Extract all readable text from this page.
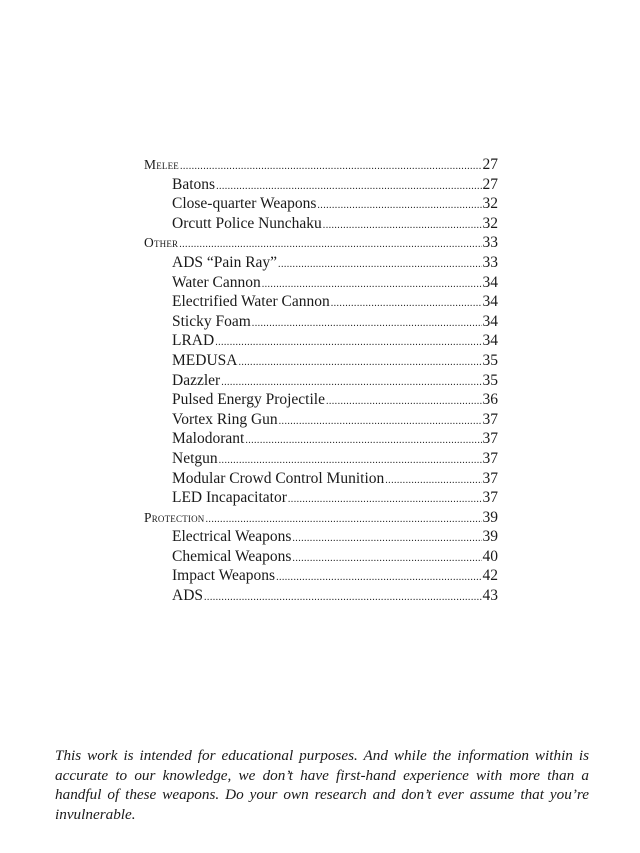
Melee .....	27
Batons .....	27
Close-quarter Weapons .....	32
Orcutt Police Nunchaku .....	32
Other .....	33
ADS “Pain Ray” .....	33
Water Cannon .....	34
Electrified Water Cannon .....	34
Sticky Foam .....	34
LRAD .....	34
MEDUSA .....	35
Dazzler .....	35
Pulsed Energy Projectile .....	36
Vortex Ring Gun .....	37
Malodorant .....	37
Netgun .....	37
Modular Crowd Control Munition .....	37
LED Incapacitator .....	37
Protection .....	39
Electrical Weapons .....	39
Chemical Weapons .....	40
Impact Weapons .....	42
ADS .....	43

This work is intended for educational purposes. And while the information within is accurate to our knowledge, we don’t have first-hand experience with more than a handful of these weapons. Do your own research and don’t ever assume that you’re invulnerable.
